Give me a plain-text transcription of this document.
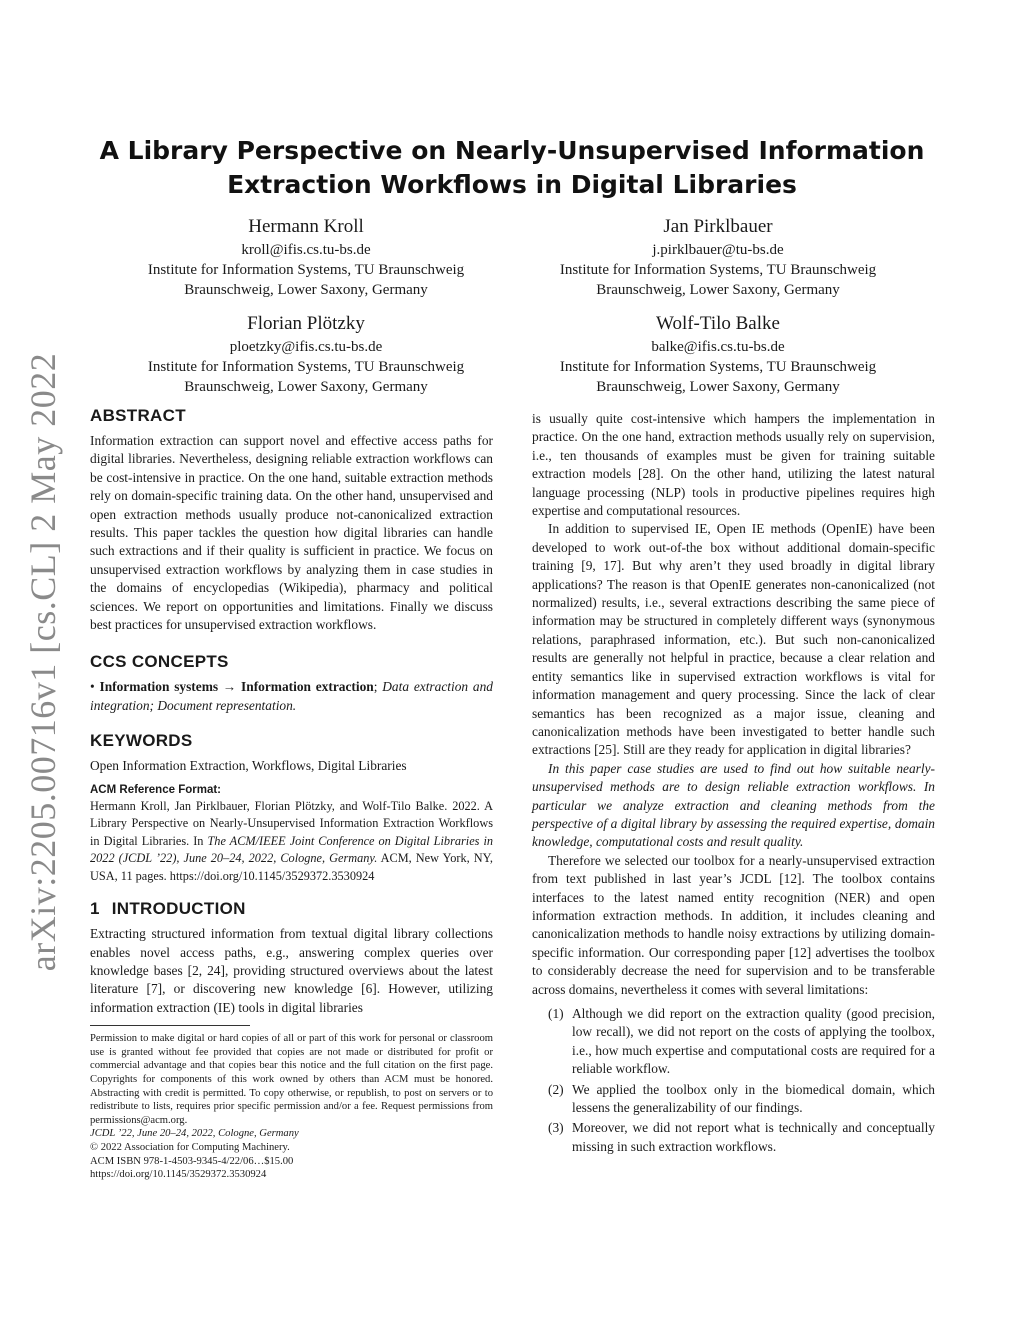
arXiv:2205.00716v1 [cs.CL] 2 May 2022
A Library Perspective on Nearly-Unsupervised Information
Extraction Workflows in Digital Libraries
Hermann Kroll
kroll@ifis.cs.tu-bs.de
Institute for Information Systems, TU Braunschweig
Braunschweig, Lower Saxony, Germany
Jan Pirklbauer
j.pirklbauer@tu-bs.de
Institute for Information Systems, TU Braunschweig
Braunschweig, Lower Saxony, Germany
Florian Plötzky
ploetzky@ifis.cs.tu-bs.de
Institute for Information Systems, TU Braunschweig
Braunschweig, Lower Saxony, Germany
Wolf-Tilo Balke
balke@ifis.cs.tu-bs.de
Institute for Information Systems, TU Braunschweig
Braunschweig, Lower Saxony, Germany
ABSTRACT

Information extraction can support novel and effective access paths for digital libraries. Nevertheless, designing reliable extraction workflows can be cost-intensive in practice. On the one hand, suitable extraction methods rely on domain-specific training data. On the other hand, unsupervised and open extraction methods usually produce not-canonicalized extraction results. This paper tackles the question how digital libraries can handle such extractions and if their quality is sufficient in practice. We focus on unsupervised extraction workflows by analyzing them in case studies in the domains of encyclopedias (Wikipedia), pharmacy and political sciences. We report on opportunities and limitations. Finally we discuss best practices for unsupervised extraction workflows.

CCS CONCEPTS

• Information systems → Information extraction; Data extraction and integration; Document representation.

KEYWORDS

Open Information Extraction, Workflows, Digital Libraries

ACM Reference Format:

Hermann Kroll, Jan Pirklbauer, Florian Plötzky, and Wolf-Tilo Balke. 2022. A Library Perspective on Nearly-Unsupervised Information Extraction Workflows in Digital Libraries. In The ACM/IEEE Joint Conference on Digital Libraries in 2022 (JCDL ’22), June 20–24, 2022, Cologne, Germany. ACM, New York, NY, USA, 11 pages. https://doi.org/10.1145/3529372.3530924

1 INTRODUCTION

Extracting structured information from textual digital library collections enables novel access paths, e.g., answering complex queries over knowledge bases [2, 24], providing structured overviews about the latest literature [7], or discovering new knowledge [6]. However, utilizing information extraction (IE) tools in digital libraries

Permission to make digital or hard copies of all or part of this work for personal or classroom use is granted without fee provided that copies are not made or distributed for profit or commercial advantage and that copies bear this notice and the full citation on the first page. Copyrights for components of this work owned by others than ACM must be honored. Abstracting with credit is permitted. To copy otherwise, or republish, to post on servers or to redistribute to lists, requires prior specific permission and/or a fee. Request permissions from permissions@acm.org.

JCDL ’22, June 20–24, 2022, Cologne, Germany

© 2022 Association for Computing Machinery.

ACM ISBN 978-1-4503-9345-4/22/06…$15.00

https://doi.org/10.1145/3529372.3530924

is usually quite cost-intensive which hampers the implementation in practice. On the one hand, extraction methods usually rely on supervision, i.e., ten thousands of examples must be given for training suitable extraction models [28]. On the other hand, utilizing the latest natural language processing (NLP) tools in productive pipelines requires high expertise and computational resources.

In addition to supervised IE, Open IE methods (OpenIE) have been developed to work out-of-the box without additional domain-specific training [9, 17]. But why aren’t they used broadly in digital library applications? The reason is that OpenIE generates non-canonicalized (not normalized) results, i.e., several extractions describing the same piece of information may be structured in completely different ways (synonymous relations, paraphrased information, etc.). But such non-canonicalized results are generally not helpful in practice, because a clear relation and entity semantics like in supervised extraction workflows is vital for information management and query processing. Since the lack of clear semantics has been recognized as a major issue, cleaning and canonicalization methods have been investigated to better handle such extractions [25]. Still are they ready for application in digital libraries?

In this paper case studies are used to find out how suitable nearly-unsupervised methods are to design reliable extraction workflows. In particular we analyze extraction and cleaning methods from the perspective of a digital library by assessing the required expertise, domain knowledge, computational costs and result quality.

Therefore we selected our toolbox for a nearly-unsupervised extraction from text published in last year’s JCDL [12]. The toolbox contains interfaces to the latest named entity recognition (NER) and open information extraction methods. In addition, it includes cleaning and canonicalization methods to handle noisy extractions by utilizing domain-specific information. Our corresponding paper [12] advertises the toolbox to considerably decrease the need for supervision and to be transferable across domains, nevertheless it comes with several limitations:

(1) Although we did report on the extraction quality (good precision, low recall), we did not report on the costs of applying the toolbox, i.e., how much expertise and computational costs are required for a reliable workflow.
(2) We applied the toolbox only in the biomedical domain, which lessens the generalizability of our findings.
(3) Moreover, we did not report what is technically and conceptually missing in such extraction workflows.
